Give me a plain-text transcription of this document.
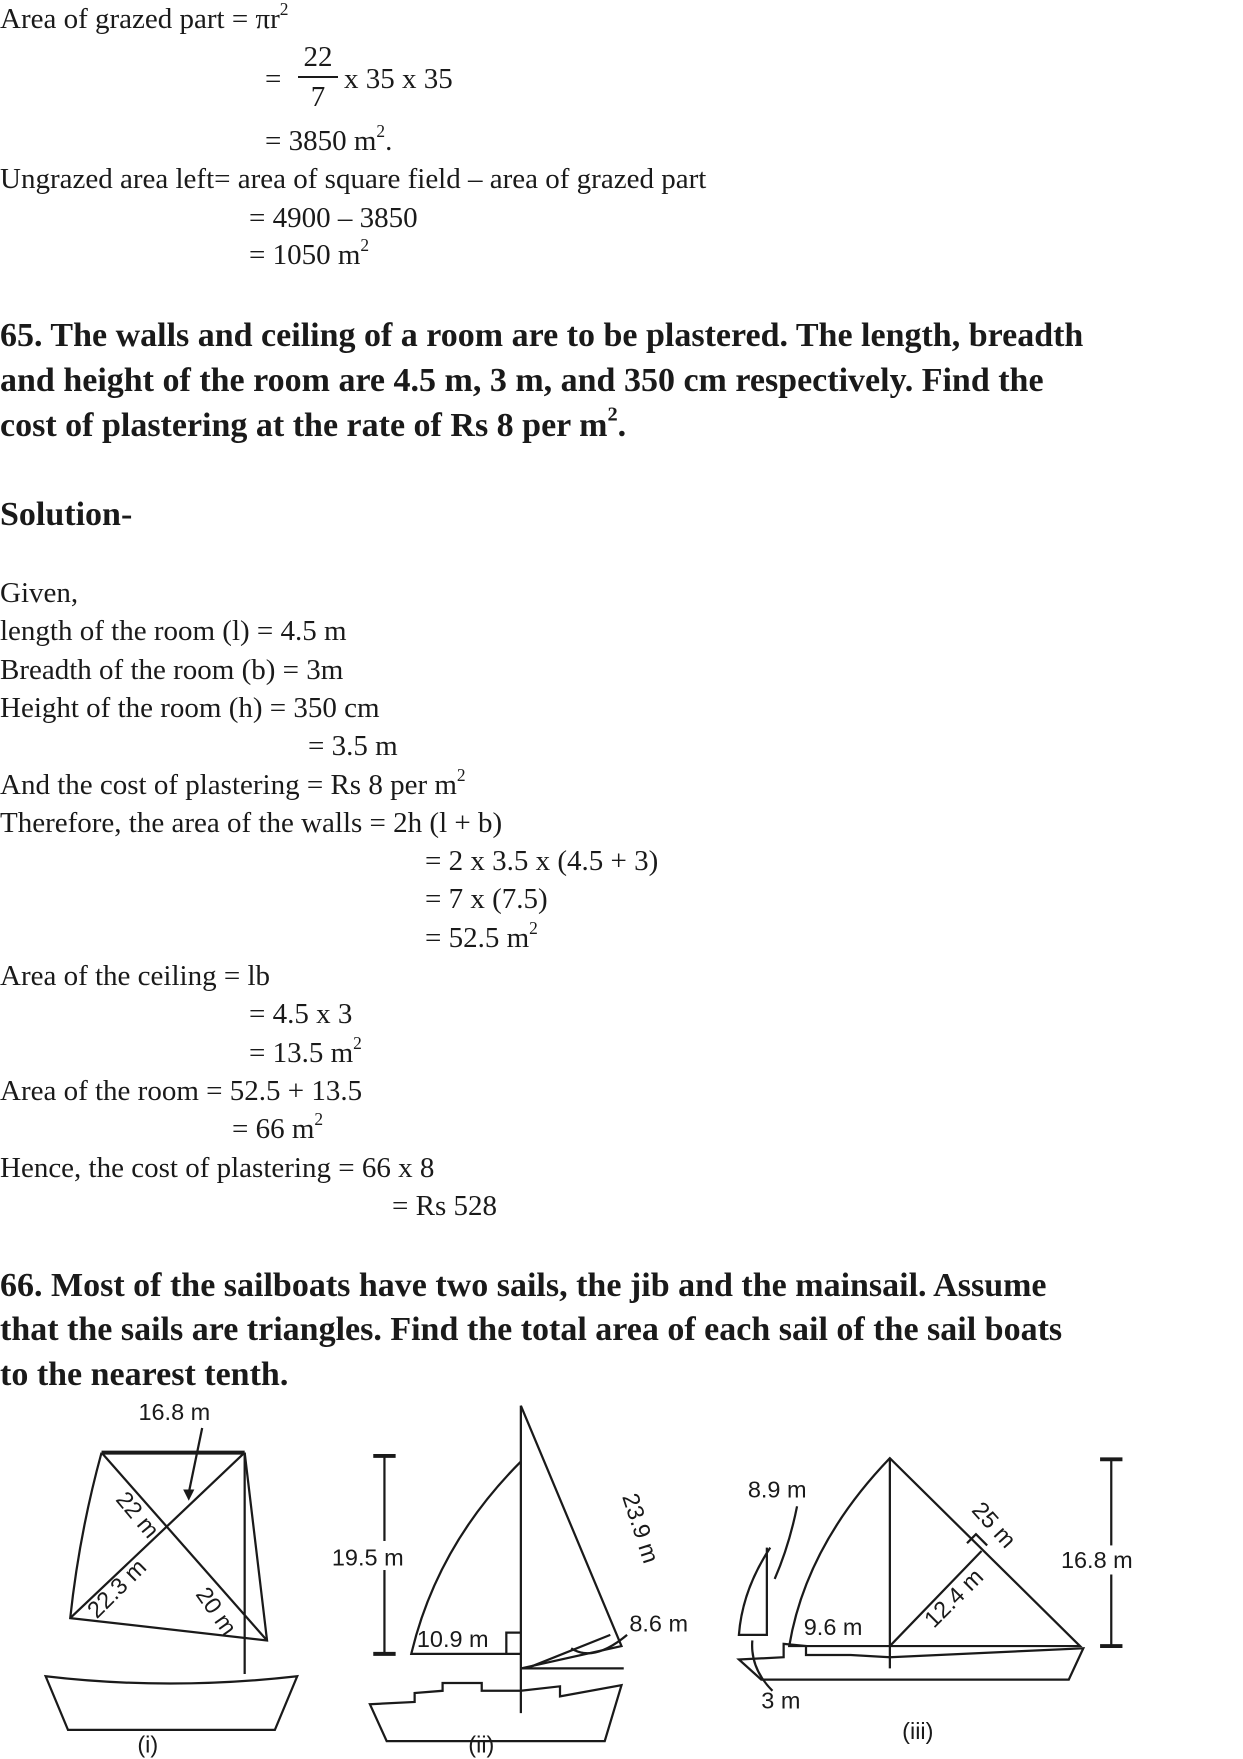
Area of grazed part = $\pi r^2$
=
22
7
x 35 x 35
= 3850 $m^2$.
Ungrazed area left= area of square field – area of grazed part
= 4900 – 3850
= 1050 $m^2$
65. The walls and ceiling of a room are to be plastered. The length, breadth
and height of the room are 4.5 m, 3 m, and 350 cm respectively. Find the
cost of plastering at the rate of Rs 8 per $m^2$.
Solution-
Given,
length of the room (l) = 4.5 m
Breadth of the room (b) = 3m
Height of the room (h) = 350 cm
= 3.5 m
And the cost of plastering = Rs 8 per $m^2$
Therefore, the area of the walls = 2h (l + b)
= 2 x 3.5 x (4.5 + 3)
= 7 x (7.5)
= 52.5 $m^2$
Area of the ceiling = lb
= 4.5 x 3
= 13.5 $m^2$
Area of the room = 52.5 + 13.5
= 66 $m^2$
Hence, the cost of plastering = 66 x 8
= Rs 528
66. Most of the sailboats have two sails, the jib and the mainsail. Assume
that the sails are triangles. Find the total area of each sail of the sail boats
to the nearest tenth.
16.8 m
22 m
22.3 m 20 m
(i)
19.5 m
10.9 m
23.9 m
8.6 m
(ii)
16.8 m
8.9 m
3 m
9.6 m
25 m
12.4 m
(iii)
